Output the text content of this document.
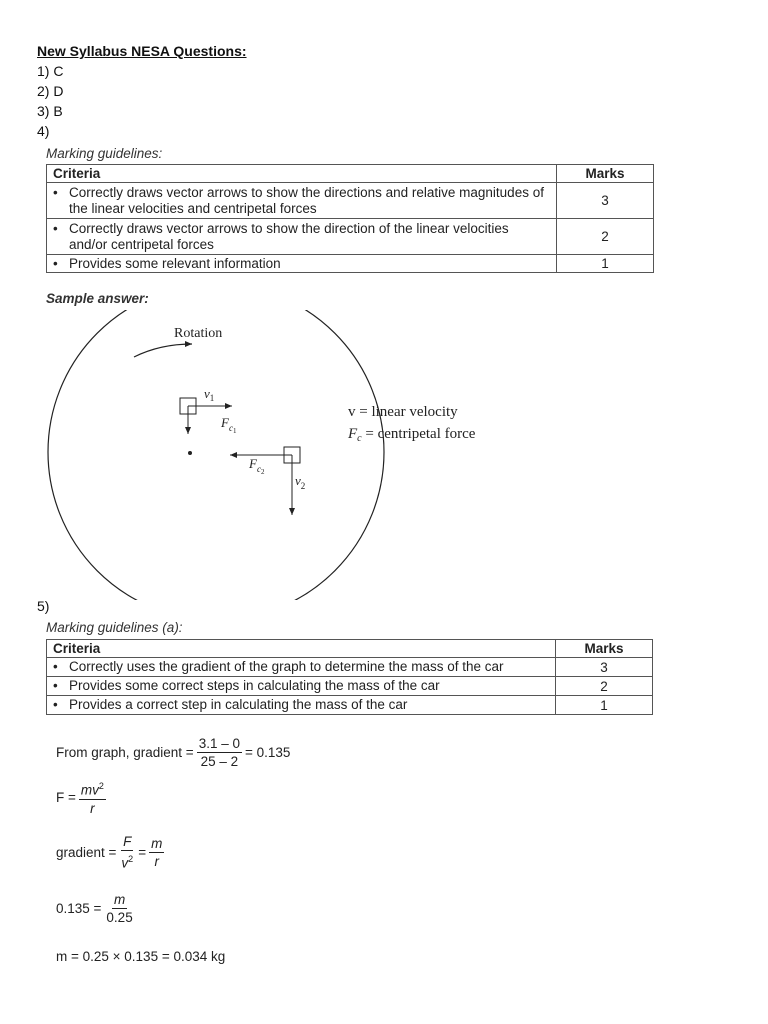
New Syllabus NESA Questions:
1) C
2) D
3) B
4)
Marking guidelines:
Criteria	Marks

• Correctly draws vector arrows to show the directions and relative magnitudes of the linear velocities and centripetal forces	3

• Correctly draws vector arrows to show the direction of the linear velocities and/or centripetal forces	2

• Provides some relevant information	1
Sample answer:
Rotation
$v_1$
$F_c1$
$F_c2$
$v_2$
v = linear velocity
$F_c$ = centripetal force
5)
Marking guidelines (a):
Criteria	Marks

• Correctly uses the gradient of the graph to determine the mass of the car	3

• Provides some correct steps in calculating the mass of the car	2

• Provides a correct step in calculating the mass of the car	1
From graph, gradient = $\frac{3.1 - 0}{25 - 2} = 0.135$
$F = \frac{mv^2}{r}$
gradient = $\frac{F}{v^2} = \frac{m}{r}$
$0.135 = \frac{m}{0.25}$
m = 0.25 × 0.135 = 0.034 kg
